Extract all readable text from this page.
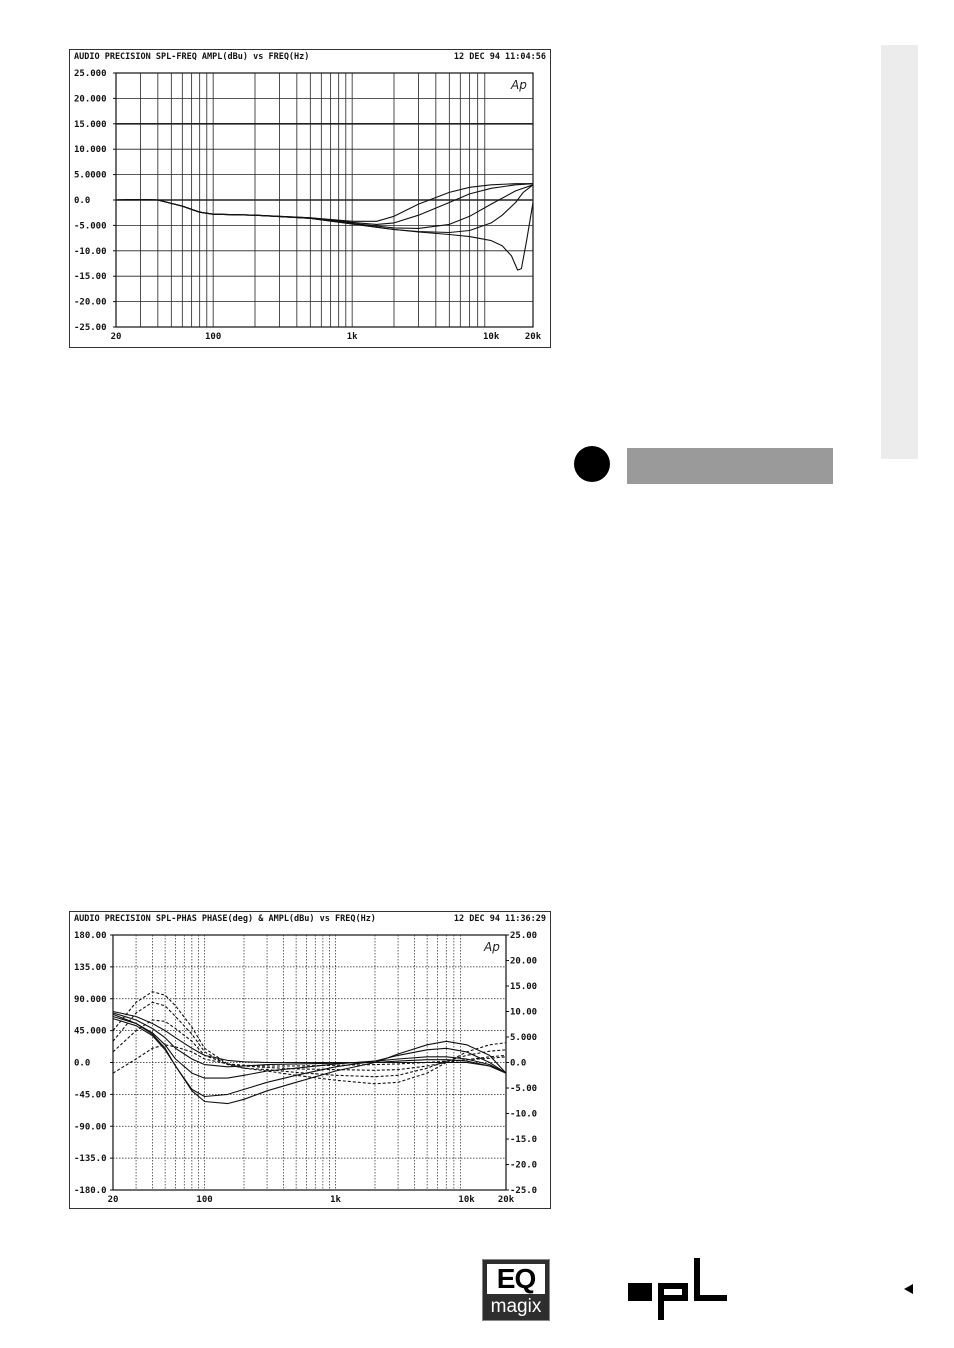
AUDIO PRECISION SPL-FREQ AMPL(dBu) vs FREQ(Hz)	12 DEC 94 11:04:56
25.000
20.000
15.000
10.000
5.0000
0.0
-5.000
-10.00
-15.00
-20.00
-25.00
20	100	1k	10k	20k
Ap
AUDIO PRECISION SPL-PHAS PHASE(deg) & AMPL(dBu) vs FREQ(Hz)	12 DEC 94 11:36:29
180.00
135.00
90.000
45.000
0.0
-45.00
-90.00
-135.0
-180.0
25.00
20.00
15.00
10.00
5.000
0.0
-5.00
-10.0
-15.0
-20.0
-25.0
20	100	1k	10k	20k
Ap
EQ
magix
